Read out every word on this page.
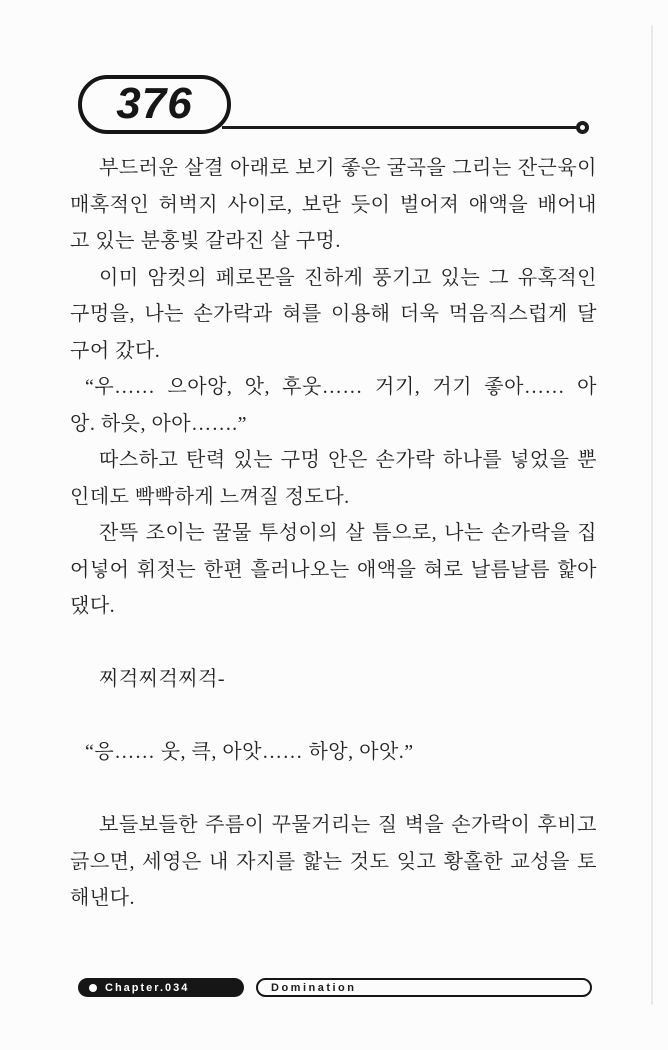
376
부드러운 살결 아래로 보기 좋은 굴곡을 그리는 잔근육이
매혹적인 허벅지 사이로, 보란 듯이 벌어져 애액을 배어내
고 있는 분홍빛 갈라진 살 구멍.
이미 암컷의 페로몬을 진하게 풍기고 있는 그 유혹적인
구멍을, 나는 손가락과 혀를 이용해 더욱 먹음직스럽게 달
구어 갔다.
“우…… 으아앙, 앗, 후웃…… 거기, 거기 좋아…… 아
앙. 하읏, 아아…….”
따스하고 탄력 있는 구멍 안은 손가락 하나를 넣었을 뿐
인데도 빡빡하게 느껴질 정도다.
잔뜩 조이는 꿀물 투성이의 살 틈으로, 나는 손가락을 집
어넣어 휘젓는 한편 흘러나오는 애액을 혀로 날름날름 핥아
댔다.
찌걱찌걱찌걱-
“응…… 웃, 큭, 아앗…… 하앙, 아앗.”
보들보들한 주름이 꾸물거리는 질 벽을 손가락이 후비고
긁으면, 세영은 내 자지를 핥는 것도 잊고 황홀한 교성을 토
해낸다.
Chapter.034	Domination
